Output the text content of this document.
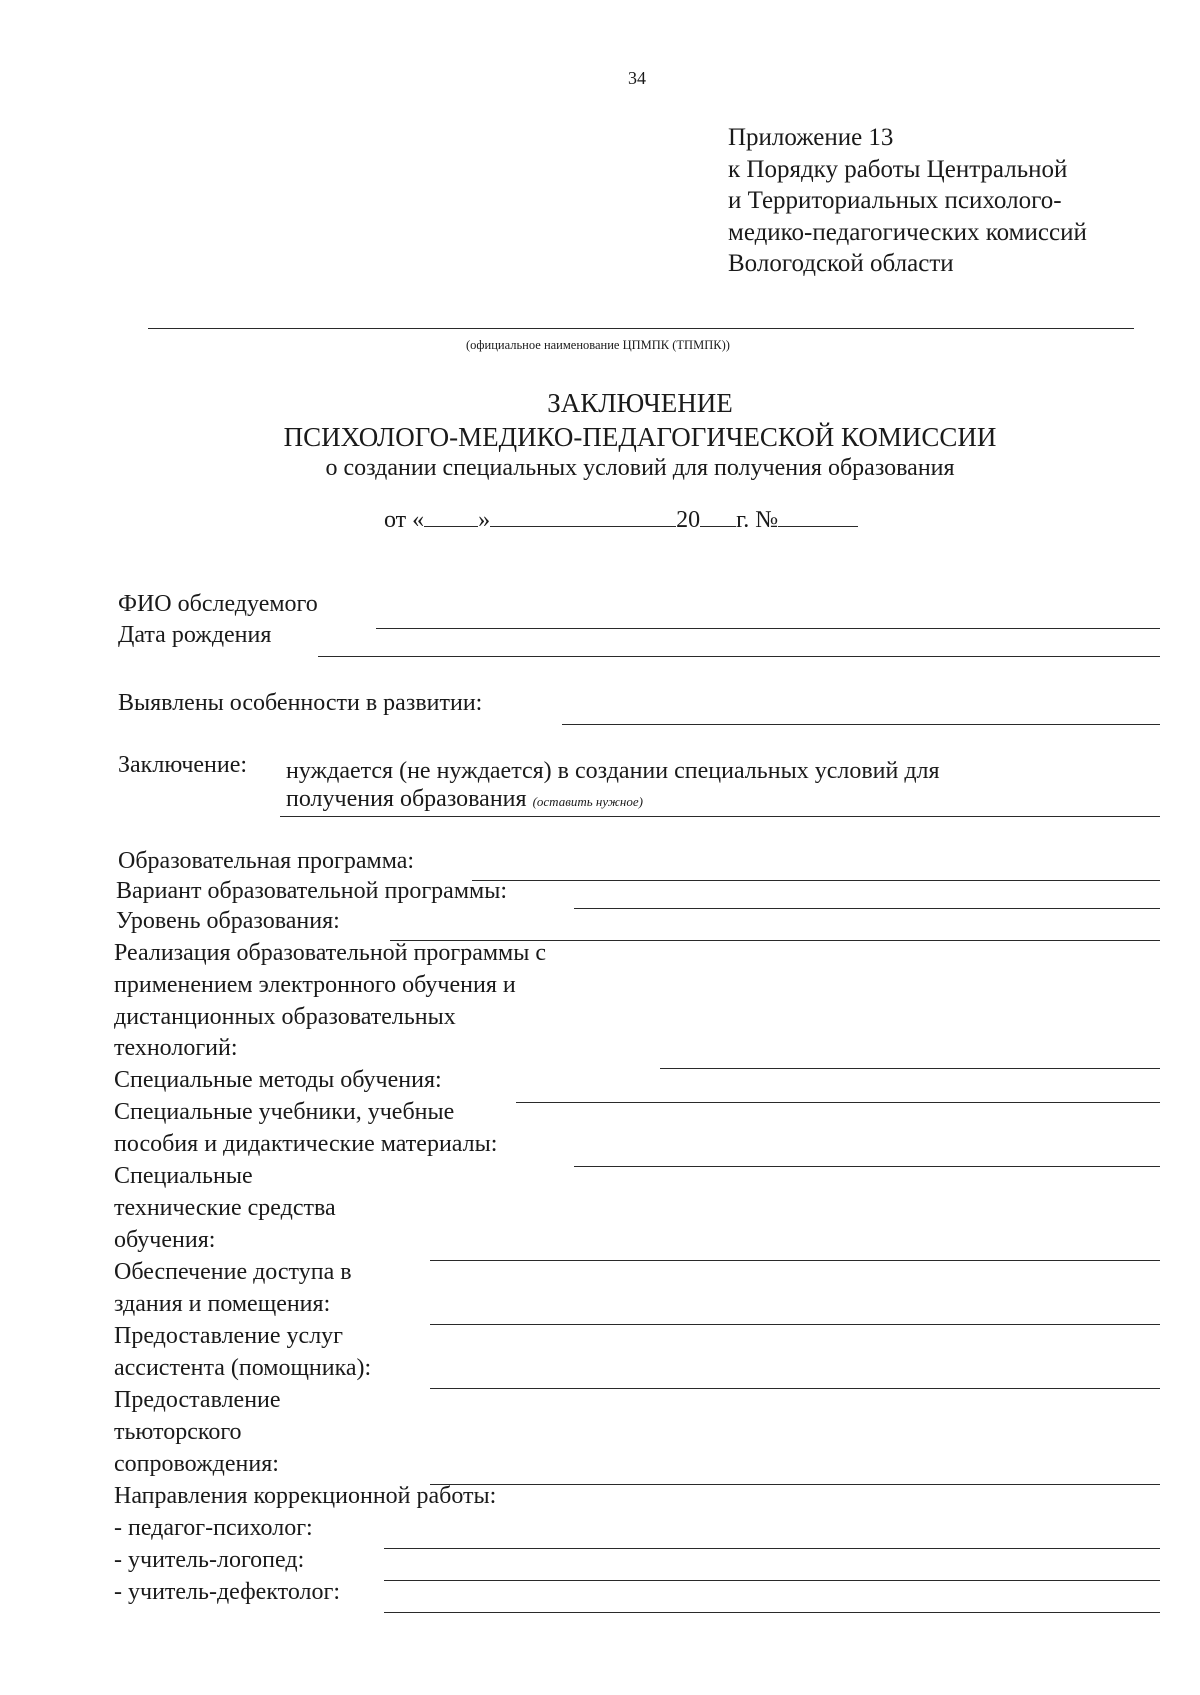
34
Приложение 13
к Порядку работы Центральной
и Территориальных психолого-
медико-педагогических комиссий
Вологодской области
(официальное наименование ЦПМПК (ТПМПК))
ЗАКЛЮЧЕНИЕ
ПСИХОЛОГО-МЕДИКО-ПЕДАГОГИЧЕСКОЙ КОМИССИИ
о создании специальных условий для получения образования
от « »	20 г. №
ФИО обследуемого
Дата рождения
Выявлены особенности в развитии:
Заключение: нуждается (не нуждается) в создании специальных условий для
получения образования (оставить нужное)
Образовательная программа:
Вариант образовательной программы:
Уровень образования:
Реализация образовательной программы с
применением электронного обучения и
дистанционных образовательных
технологий:
Специальные методы обучения:
Специальные учебники, учебные
пособия и дидактические материалы:
Специальные
технические средства
обучения:
Обеспечение доступа в
здания и помещения:
Предоставление услуг
ассистента (помощника):
Предоставление
тьюторского
сопровождения:
Направления коррекционной работы:
- педагог-психолог:
- учитель-логопед:
- учитель-дефектолог:
